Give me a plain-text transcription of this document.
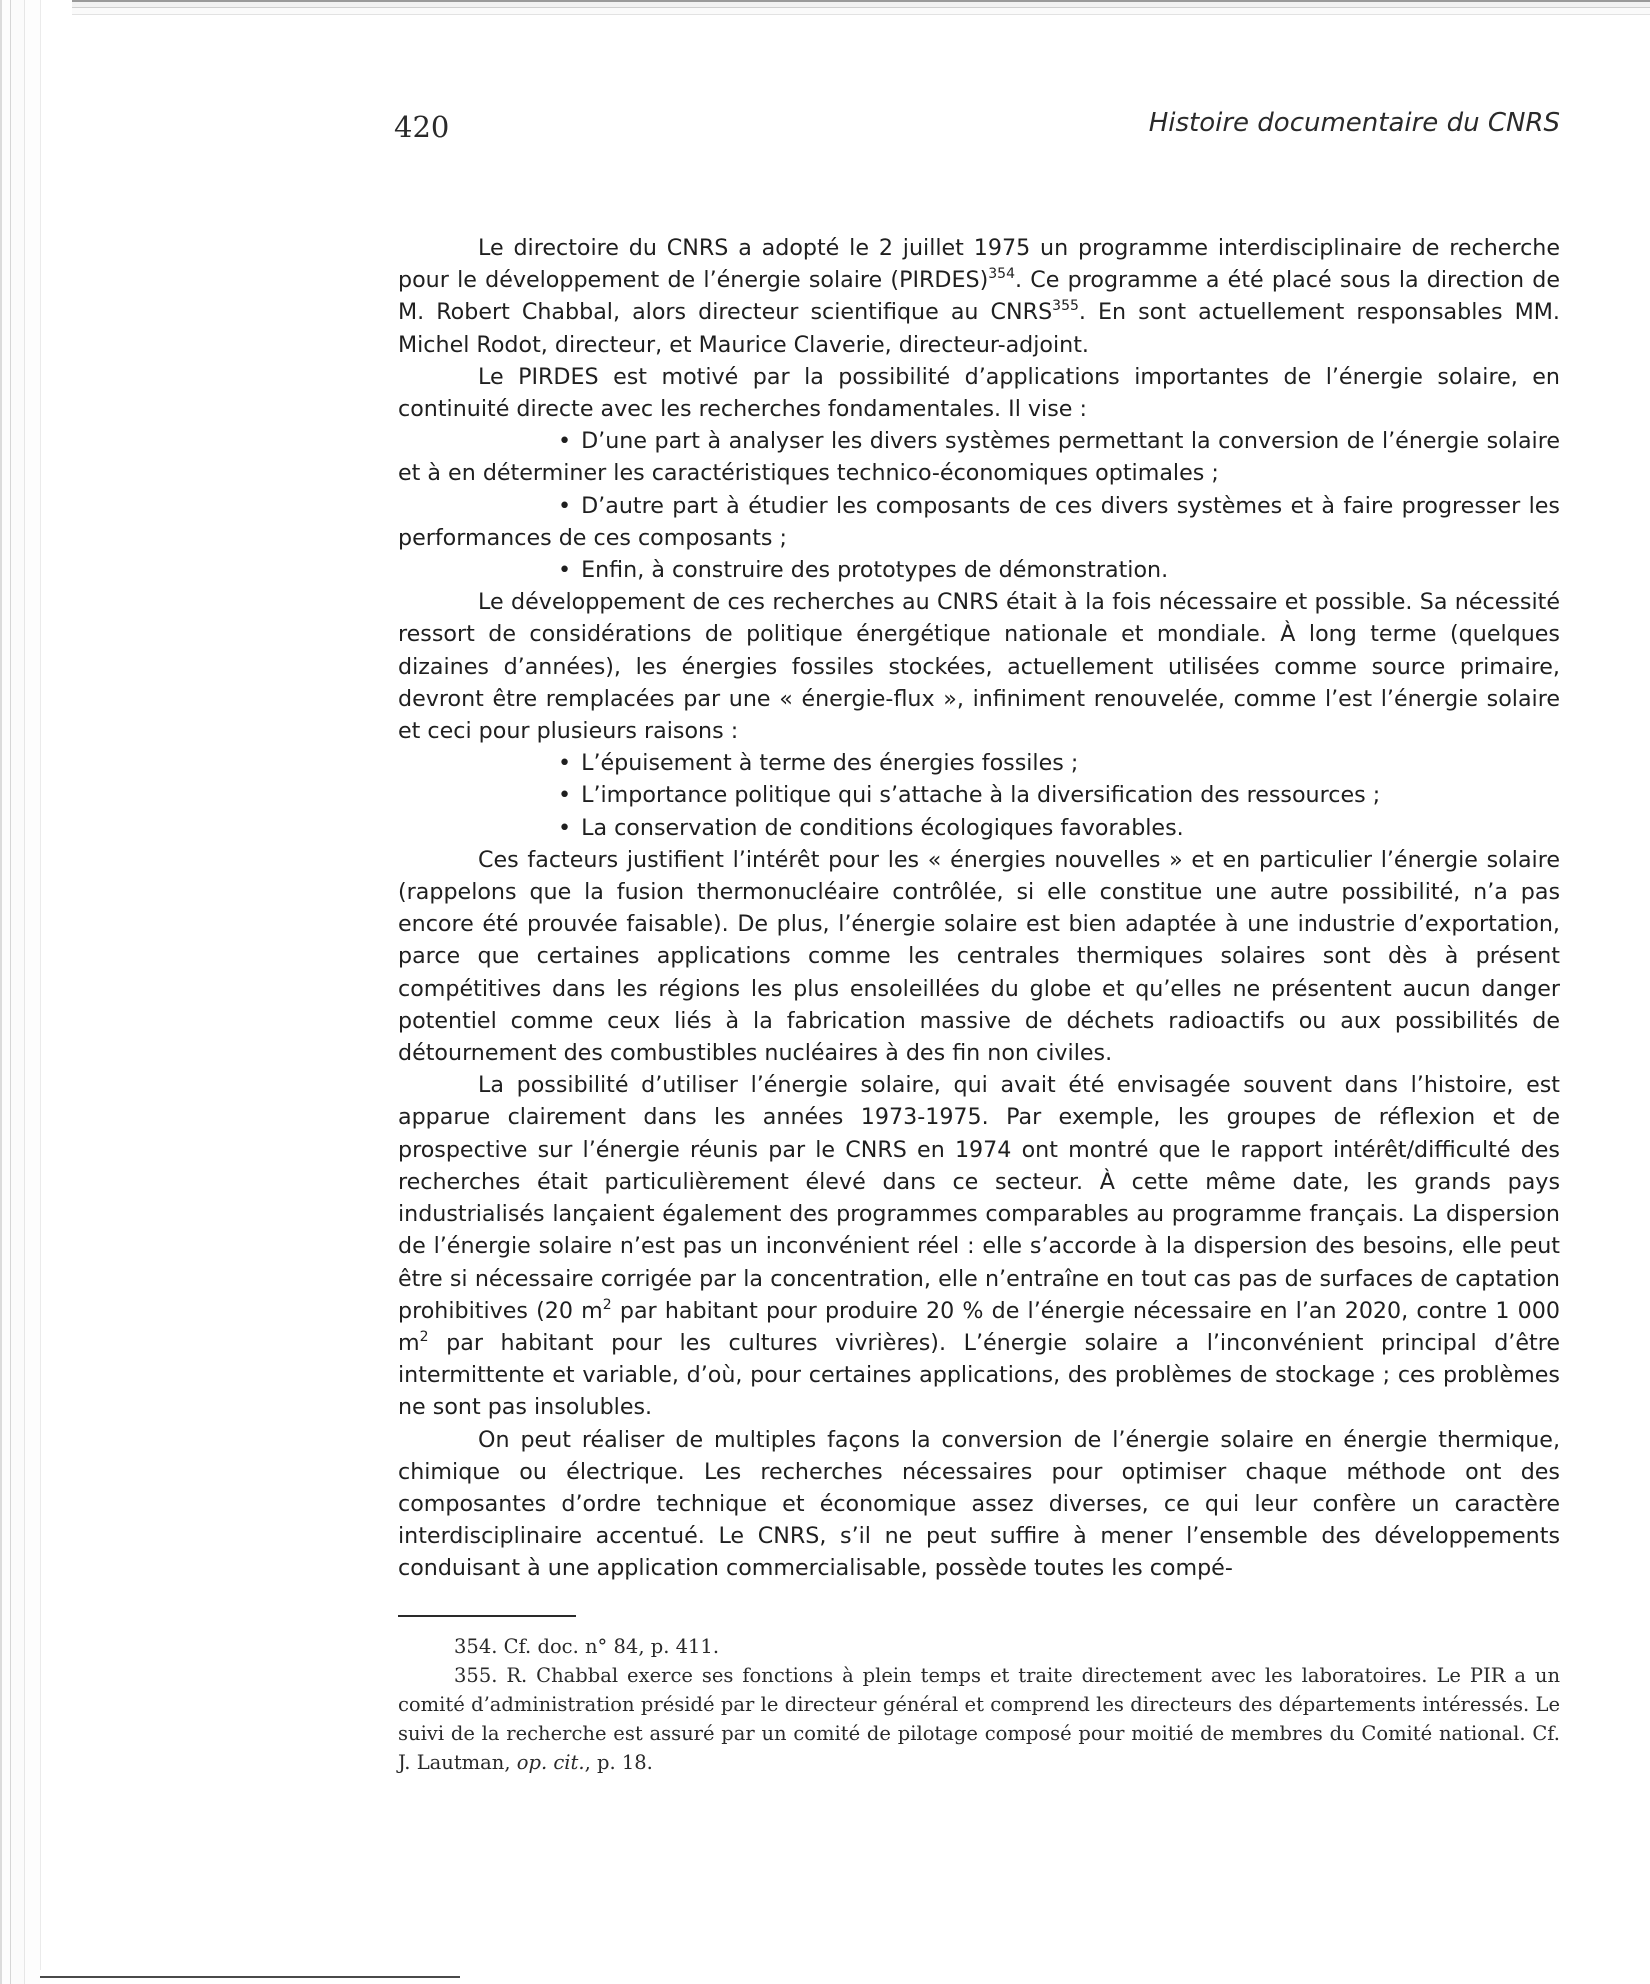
420	Histoire documentaire du CNRS

Le directoire du CNRS a adopté le 2 juillet 1975 un programme interdisciplinaire de recherche pour le développement de l’énergie solaire (PIRDES)$^{354}$. Ce programme a été placé sous la direction de M. Robert Chabbal, alors directeur scientifique au CNRS$^{355}$. En sont actuellement responsables MM. Michel Rodot, directeur, et Maurice Claverie, directeur-adjoint.

Le PIRDES est motivé par la possibilité d’applications importantes de l’énergie solaire, en continuité directe avec les recherches fondamentales. Il vise :

• D’une part à analyser les divers systèmes permettant la conversion de l’énergie solaire et à en déterminer les caractéristiques technico-économiques optimales ;

• D’autre part à étudier les composants de ces divers systèmes et à faire progresser les performances de ces composants ;

• Enfin, à construire des prototypes de démonstration.

Le développement de ces recherches au CNRS était à la fois nécessaire et possible. Sa nécessité ressort de considérations de politique énergétique nationale et mondiale. À long terme (quelques dizaines d’années), les énergies fossiles stockées, actuellement utilisées comme source primaire, devront être remplacées par une « énergie-flux », infiniment renouvelée, comme l’est l’énergie solaire et ceci pour plusieurs raisons :

• L’épuisement à terme des énergies fossiles ;

• L’importance politique qui s’attache à la diversification des ressources ;

• La conservation de conditions écologiques favorables.

Ces facteurs justifient l’intérêt pour les « énergies nouvelles » et en particulier l’énergie solaire (rappelons que la fusion thermonucléaire contrôlée, si elle constitue une autre possibilité, n’a pas encore été prouvée faisable). De plus, l’énergie solaire est bien adaptée à une industrie d’exportation, parce que certaines applications comme les centrales thermiques solaires sont dès à présent compétitives dans les régions les plus ensoleillées du globe et qu’elles ne présentent aucun danger potentiel comme ceux liés à la fabrication massive de déchets radioactifs ou aux possibilités de détournement des combustibles nucléaires à des fin non civiles.

La possibilité d’utiliser l’énergie solaire, qui avait été envisagée souvent dans l’histoire, est apparue clairement dans les années 1973-1975. Par exemple, les groupes de réflexion et de prospective sur l’énergie réunis par le CNRS en 1974 ont montré que le rapport intérêt/difficulté des recherches était particulièrement élevé dans ce secteur. À cette même date, les grands pays industrialisés lançaient également des programmes comparables au programme français. La dispersion de l’énergie solaire n’est pas un inconvénient réel : elle s’accorde à la dispersion des besoins, elle peut être si nécessaire corrigée par la concentration, elle n’entraîne en tout cas pas de surfaces de captation prohibitives (20 $m^2$ par habitant pour produire 20 % de l’énergie nécessaire en l’an 2020, contre 1 000 $m^2$ par habitant pour les cultures vivrières). L’énergie solaire a l’inconvénient principal d’être intermittente et variable, d’où, pour certaines applications, des problèmes de stockage ; ces problèmes ne sont pas insolubles.

On peut réaliser de multiples façons la conversion de l’énergie solaire en énergie thermique, chimique ou électrique. Les recherches nécessaires pour optimiser chaque méthode ont des composantes d’ordre technique et économique assez diverses, ce qui leur confère un caractère interdisciplinaire accentué. Le CNRS, s’il ne peut suffire à mener l’ensemble des développements conduisant à une application commercialisable, possède toutes les compé-

354. Cf. doc. n° 84, p. 411.

355. R. Chabbal exerce ses fonctions à plein temps et traite directement avec les laboratoires. Le PIR a un comité d’administration présidé par le directeur général et comprend les directeurs des départements intéressés. Le suivi de la recherche est assuré par un comité de pilotage composé pour moitié de membres du Comité national. Cf. J. Lautman, op. cit., p. 18.
